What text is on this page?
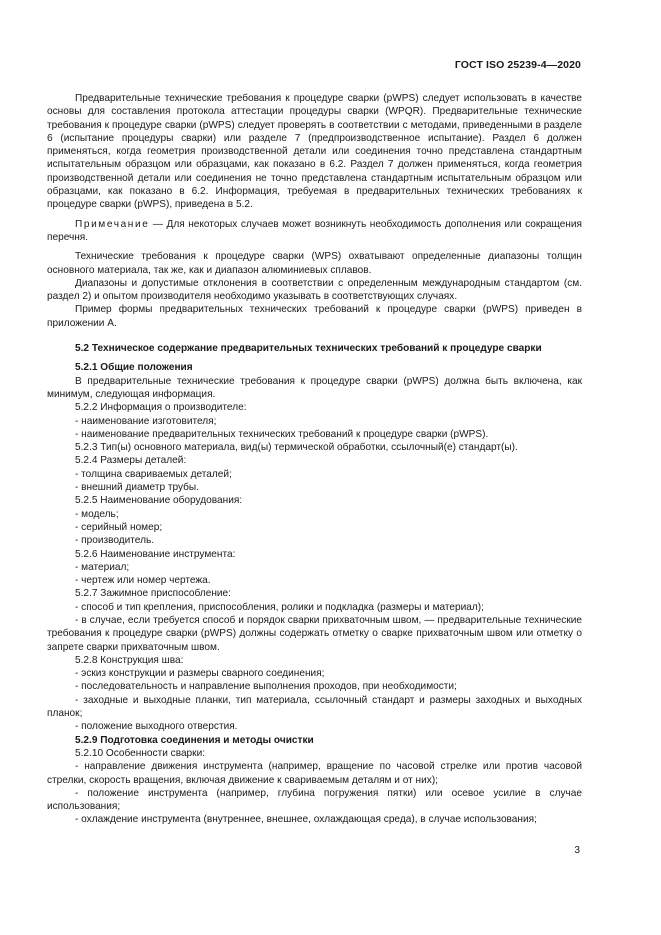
ГОСТ ISO 25239-4—2020

Предварительные технические требования к процедуре сварки (pWPS) следует использовать в качестве основы для составления протокола аттестации процедуры сварки (WPQR). Предварительные технические требования к процедуре сварки (pWPS) следует проверять в соответствии с методами, приведенными в разделе 6 (испытание процедуры сварки) или разделе 7 (предпроизводственное испытание). Раздел 6 должен применяться, когда геометрия производственной детали или соединения точно представлена стандартным испытательным образцом или образцами, как показано в 6.2. Раздел 7 должен применяться, когда геометрия производственной детали или соединения не точно представлена стандартным испытательным образцом или образцами, как показано в 6.2. Информация, требуемая в предварительных технических требованиях к процедуре сварки (pWPS), приведена в 5.2.

Примечание — Для некоторых случаев может возникнуть необходимость дополнения или сокращения перечня.

Технические требования к процедуре сварки (WPS) охватывают определенные диапазоны толщин основного материала, так же, как и диапазон алюминиевых сплавов.

Диапазоны и допустимые отклонения в соответствии с определенным международным стандартом (см. раздел 2) и опытом производителя необходимо указывать в соответствующих случаях.

Пример формы предварительных технических требований к процедуре сварки (pWPS) приведен в приложении А.

5.2 Техническое содержание предварительных технических требований к процедуре сварки

5.2.1 Общие положения

В предварительные технические требования к процедуре сварки (pWPS) должна быть включена, как минимум, следующая информация.

5.2.2 Информация о производителе:

- наименование изготовителя;

- наименование предварительных технических требований к процедуре сварки (pWPS).

5.2.3 Тип(ы) основного материала, вид(ы) термической обработки, ссылочный(е) стандарт(ы).

5.2.4 Размеры деталей:

- толщина свариваемых деталей;

- внешний диаметр трубы.

5.2.5 Наименование оборудования:

- модель;

- серийный номер;

- производитель.

5.2.6 Наименование инструмента:

- материал;

- чертеж или номер чертежа.

5.2.7 Зажимное приспособление:

- способ и тип крепления, приспособления, ролики и подкладка (размеры и материал);

- в случае, если требуется способ и порядок сварки прихваточным швом, — предварительные технические требования к процедуре сварки (pWPS) должны содержать отметку о сварке прихваточным швом или отметку о запрете сварки прихваточным швом.

5.2.8 Конструкция шва:

- эскиз конструкции и размеры сварного соединения;

- последовательность и направление выполнения проходов, при необходимости;

- заходные и выходные планки, тип материала, ссылочный стандарт и размеры заходных и выходных планок;

- положение выходного отверстия.

5.2.9 Подготовка соединения и методы очистки

5.2.10 Особенности сварки:

- направление движения инструмента (например, вращение по часовой стрелке или против часовой стрелки, скорость вращения, включая движение к свариваемым деталям и от них);

- положение инструмента (например, глубина погружения пятки) или осевое усилие в случае использования;

- охлаждение инструмента (внутреннее, внешнее, охлаждающая среда), в случае использования;

3
